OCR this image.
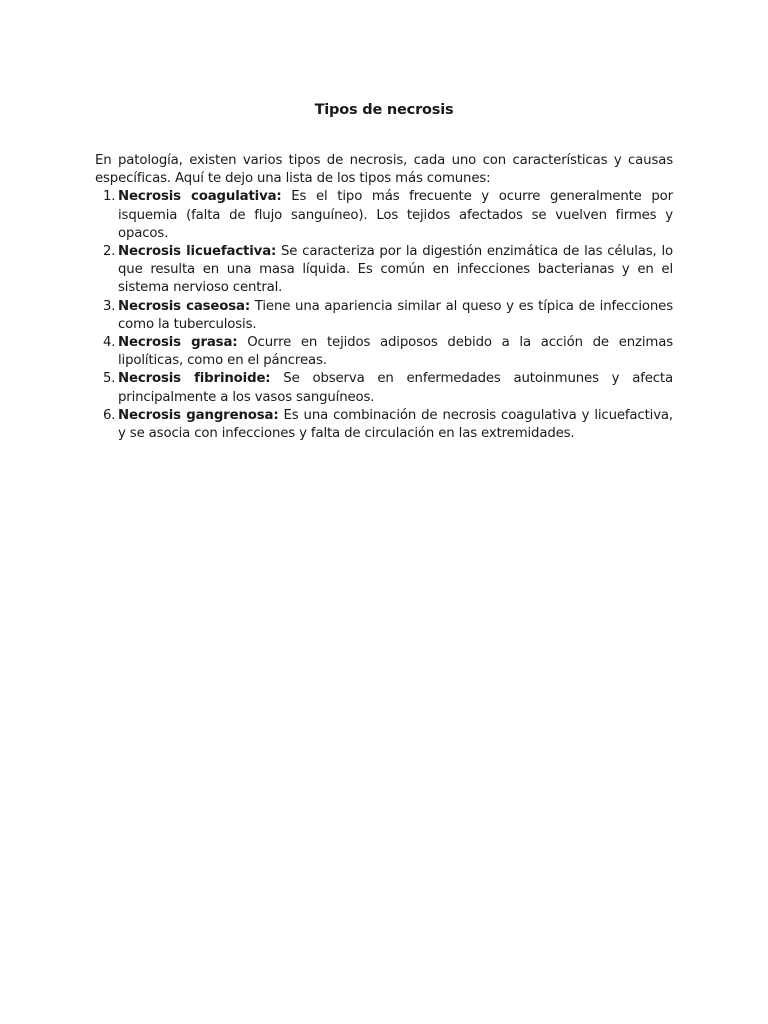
Tipos de necrosis

En patología, existen varios tipos de necrosis, cada uno con características y causas específicas. Aquí te dejo una lista de los tipos más comunes:

1. Necrosis coagulativa: Es el tipo más frecuente y ocurre generalmente por isquemia (falta de flujo sanguíneo). Los tejidos afectados se vuelven firmes y opacos.
2. Necrosis licuefactiva: Se caracteriza por la digestión enzimática de las células, lo que resulta en una masa líquida. Es común en infecciones bacterianas y en el sistema nervioso central.
3. Necrosis caseosa: Tiene una apariencia similar al queso y es típica de infecciones como la tuberculosis.
4. Necrosis grasa: Ocurre en tejidos adiposos debido a la acción de enzimas lipolíticas, como en el páncreas.
5. Necrosis fibrinoide: Se observa en enfermedades autoinmunes y afecta principalmente a los vasos sanguíneos.
6. Necrosis gangrenosa: Es una combinación de necrosis coagulativa y licuefactiva, y se asocia con infecciones y falta de circulación en las extremidades.
